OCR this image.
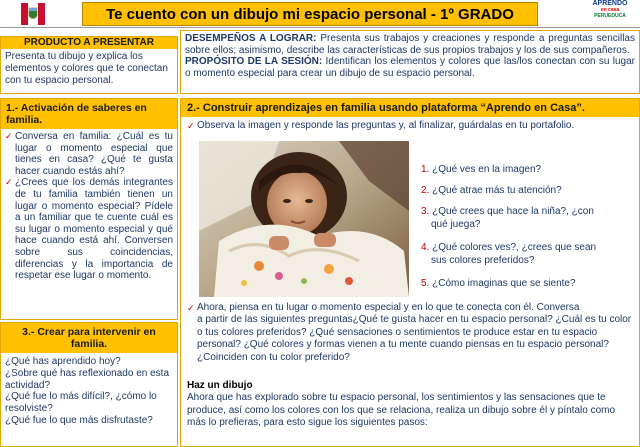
Te cuento con un dibujo mi espacio personal - 1º GRADO
APRENDO
en casa
PERUEDUCA
PRODUCTO A PRESENTAR
Presenta tu dibujo y explica los elementos y colores que te conectan con tu espacio personal.
1.- Activación de saberes en familia.
✓ Conversa en familia: ¿Cuál es tu lugar o momento especial que tienes en casa? ¿Qué te gusta hacer cuando estás ahí?
✓ ¿Crees que los demás integrantes de tu familia también tienen un lugar o momento especial? Pídele a un familiar que te cuente cuál es su lugar o momento especial y qué hace cuando está ahí. Conversen sobre sus coincidencias, diferencias y la importancia de respetar ese lugar o momento.
3.- Crear para intervenir en familia.
¿Qué has aprendido hoy?
¿Sobre qué has reflexionado en esta actividad?
¿Qué fue lo más difícil?, ¿cómo lo resolviste?
¿Qué fue lo que más disfrutaste?
DESEMPEÑOS A LOGRAR: Presenta sus trabajos y creaciones y responde a preguntas sencillas sobre ellos; asimismo, describe las características de sus propios trabajos y los de sus compañeros.
PROPÓSITO DE LA SESIÓN: Identifican los elementos y colores que las/los conectan con su lugar o momento especial para crear un dibujo de su espacio personal.
2.- Construir aprendizajes en familia usando plataforma “Aprendo en Casa”.
✓ Observa la imagen y responde las preguntas y, al finalizar, guárdalas en tu portafolio.
1. ¿Qué ves en la imagen?
2. ¿Qué atrae más tu atención?
3. ¿Qué crees que hace la niña?, ¿con
qué juega?
4. ¿Qué colores ves?, ¿crees que sean
sus colores preferidos?
5. ¿Cómo imaginas que se siente?
✓ Ahora, piensa en tu lugar o momento especial y en lo que te conecta con él. Conversa
a partir de las siguientes preguntas¿Qué te gusta hacer en tu espacio personal? ¿Cuál es tu color o tus colores preferidos? ¿Qué sensaciones o sentimientos te produce estar en tu espacio personal? ¿Qué colores y formas vienen a tu mente cuando piensas en tu espacio personal? ¿Coinciden con tu color preferido?
Haz un dibujo
Ahora que has explorado sobre tu espacio personal, los sentimientos y las sensaciones que te produce, así como los colores con los que se relaciona, realiza un dibujo sobre él y píntalo como más lo prefieras, para esto sigue los siguientes pasos:
